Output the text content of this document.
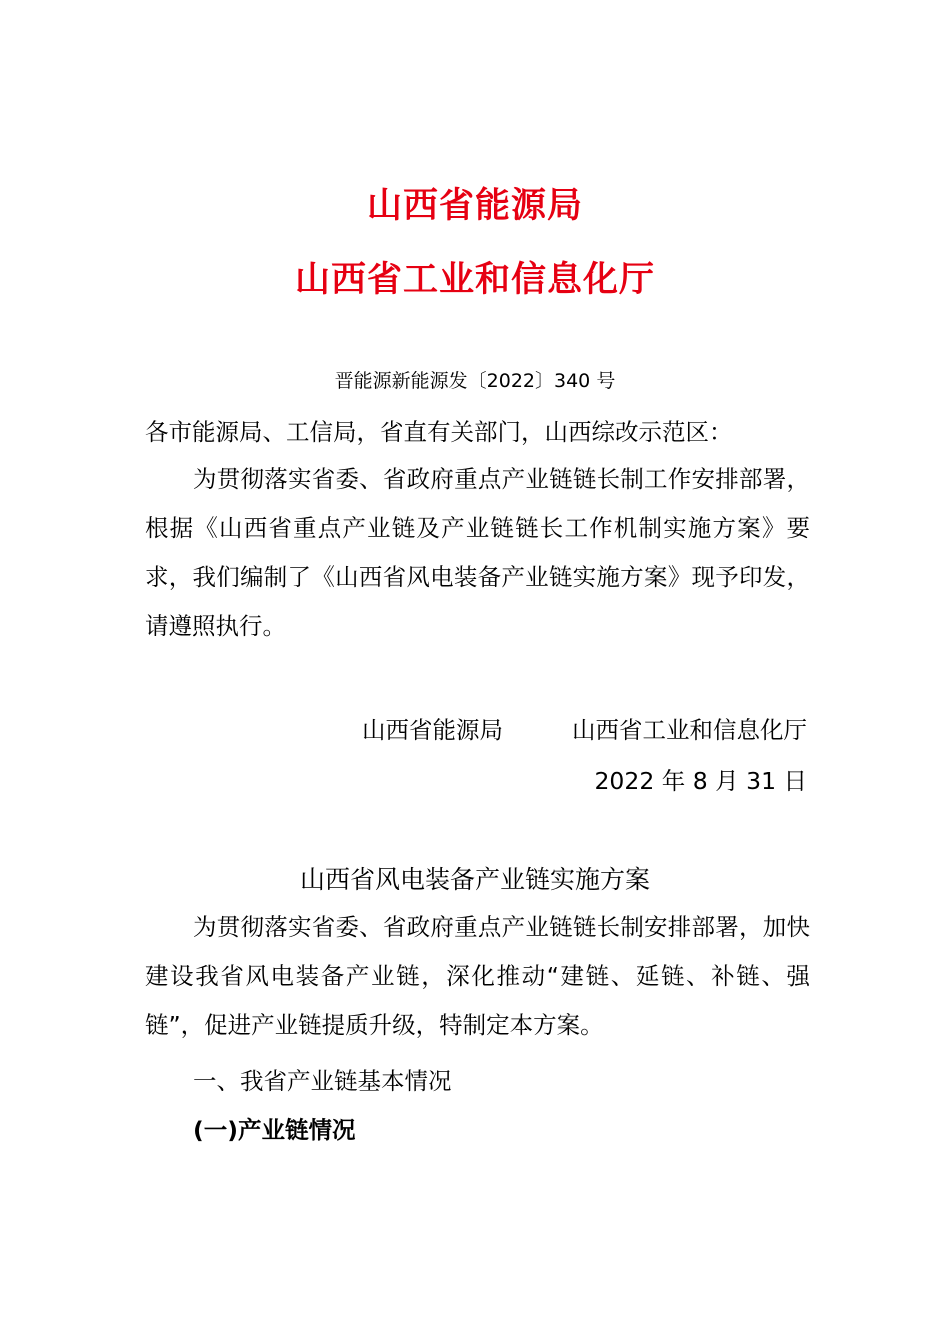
山西省能源局
山西省工业和信息化厅
晋能源新能源发〔2022〕340 号
各市能源局、工信局，省直有关部门，山西综改示范区：

为贯彻落实省委、省政府重点产业链链长制工作安排部署，根据《山西省重点产业链及产业链链长工作机制实施方案》要求，我们编制了《山西省风电装备产业链实施方案》现予印发，请遵照执行。

山西省能源局	山西省工业和信息化厅
2022 年 8 月 31 日
山西省风电装备产业链实施方案

为贯彻落实省委、省政府重点产业链链长制安排部署，加快建设我省风电装备产业链，深化推动“建链、延链、补链、强链”，促进产业链提质升级，特制定本方案。

一、我省产业链基本情况
(一)产业链情况
